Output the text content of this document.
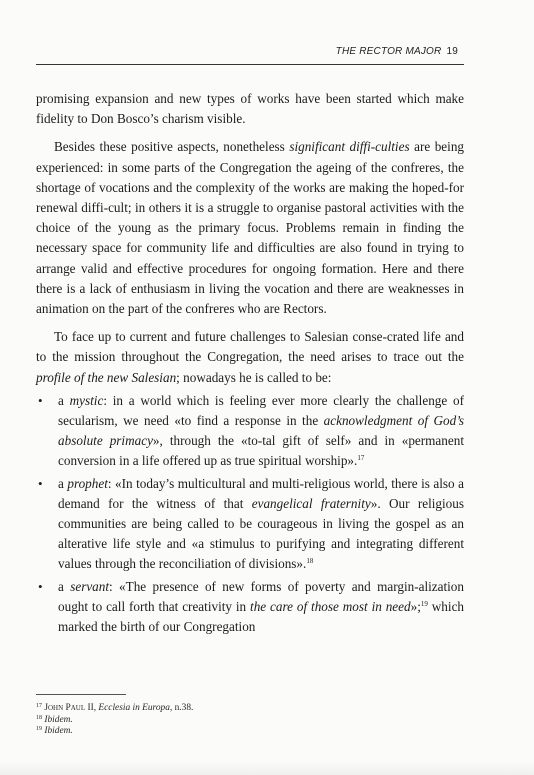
THE RECTOR MAJOR 19

promising expansion and new types of works have been started which make fidelity to Don Bosco’s charism visible.

Besides these positive aspects, nonetheless significant diffi-culties are being experienced: in some parts of the Congregation the ageing of the confreres, the shortage of vocations and the complexity of the works are making the hoped-for renewal diffi-cult; in others it is a struggle to organise pastoral activities with the choice of the young as the primary focus. Problems remain in finding the necessary space for community life and difficulties are also found in trying to arrange valid and effective procedures for ongoing formation. Here and there there is a lack of enthusiasm in living the vocation and there are weaknesses in animation on the part of the confreres who are Rectors.

To face up to current and future challenges to Salesian conse-crated life and to the mission throughout the Congregation, the need arises to trace out the profile of the new Salesian; nowadays he is called to be:

• a mystic: in a world which is feeling ever more clearly the challenge of secularism, we need «to find a response in the acknowledgment of God’s absolute primacy», through the «to-tal gift of self» and in «permanent conversion in a life offered up as true spiritual worship».$^{17}$
• a prophet: «In today’s multicultural and multi-religious world, there is also a demand for the witness of that evangelical fraternity». Our religious communities are being called to be courageous in living the gospel as an alterative life style and «a stimulus to purifying and integrating different values through the reconciliation of divisions».$^{18}$
• a servant: «The presence of new forms of poverty and margin-alization ought to call forth that creativity in the care of those most in need»;$^{19}$ which marked the birth of our Congregation
$^{17}$ John Paul II, Ecclesia in Europa, n.38.
$^{18}$ Ibidem.
$^{19}$ Ibidem.
